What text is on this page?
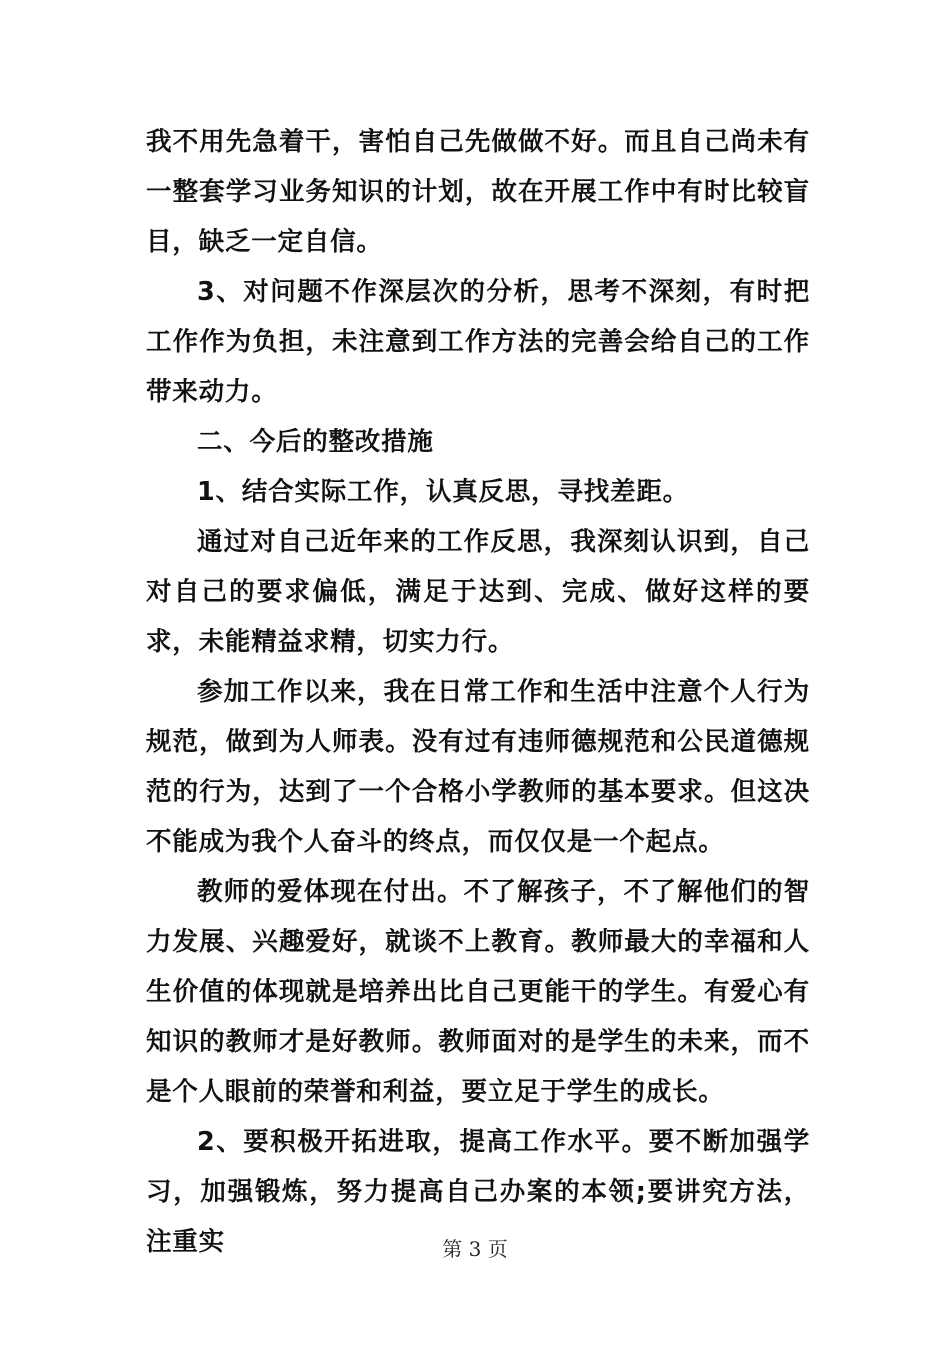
我不用先急着干，害怕自己先做做不好。而且自己尚未有一整套学习业务知识的计划，故在开展工作中有时比较盲目，缺乏一定自信。

3、对问题不作深层次的分析，思考不深刻，有时把工作作为负担，未注意到工作方法的完善会给自己的工作带来动力。

二、今后的整改措施

1、结合实际工作，认真反思，寻找差距。

通过对自己近年来的工作反思，我深刻认识到，自己对自己的要求偏低，满足于达到、完成、做好这样的要求，未能精益求精，切实力行。

参加工作以来，我在日常工作和生活中注意个人行为规范，做到为人师表。没有过有违师德规范和公民道德规范的行为，达到了一个合格小学教师的基本要求。但这决不能成为我个人奋斗的终点，而仅仅是一个起点。

教师的爱体现在付出。不了解孩子，不了解他们的智力发展、兴趣爱好，就谈不上教育。教师最大的幸福和人生价值的体现就是培养出比自己更能干的学生。有爱心有知识的教师才是好教师。教师面对的是学生的未来，而不是个人眼前的荣誉和利益，要立足于学生的成长。

2、要积极开拓进取，提高工作水平。要不断加强学习，加强锻炼，努力提高自己办案的本领;要讲究方法，注重实	第 3 页
